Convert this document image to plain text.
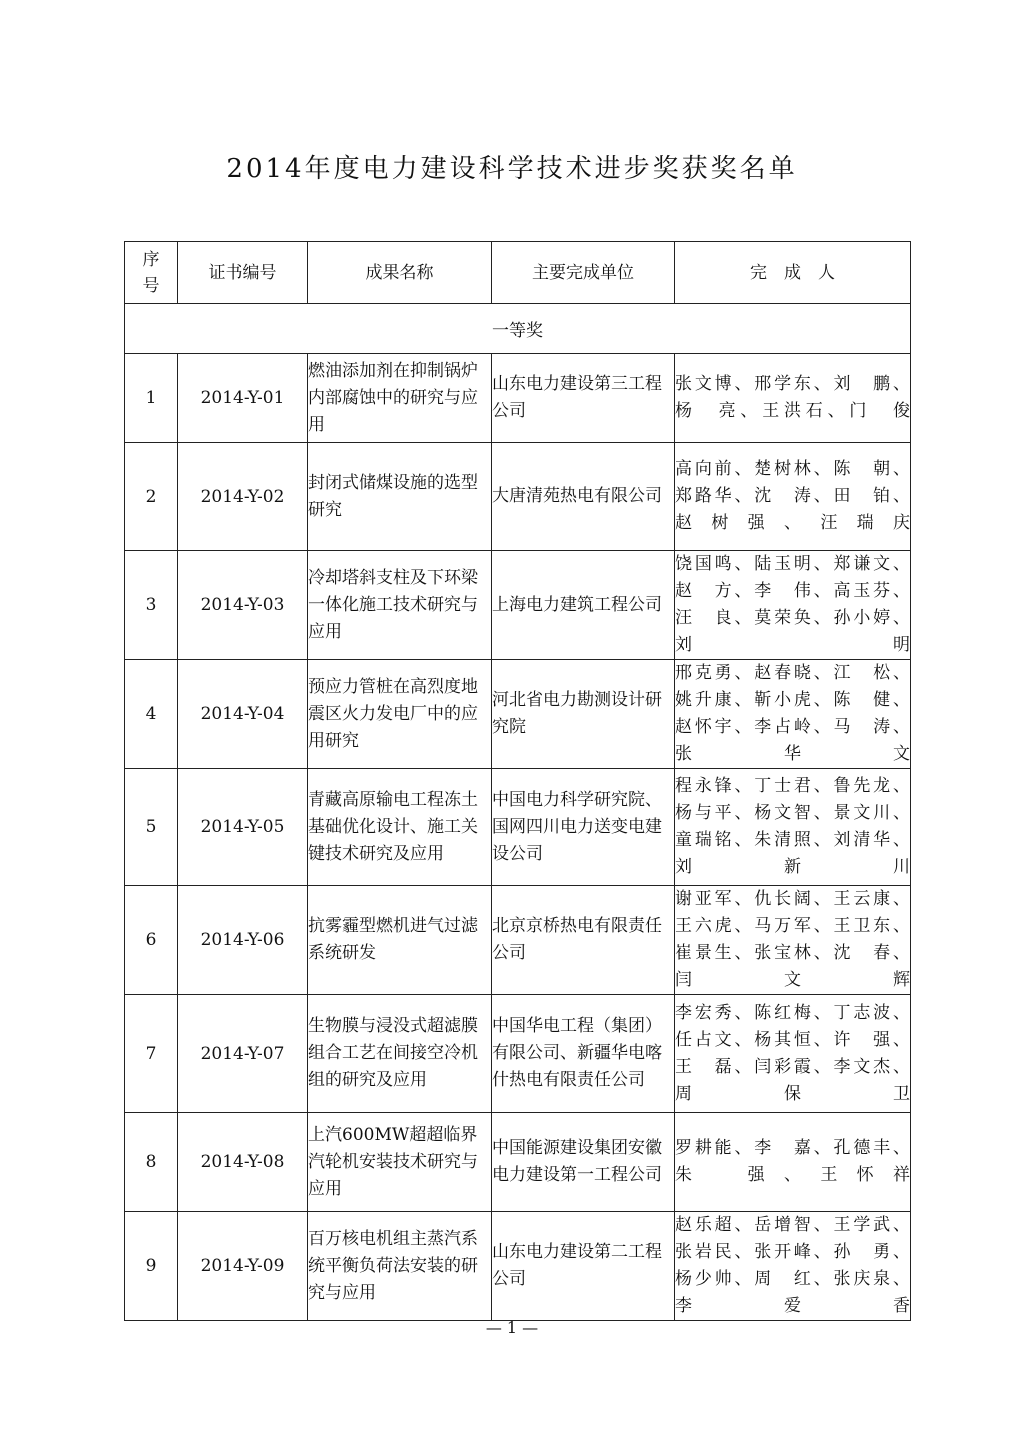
2014年度电力建设科学技术进步奖获奖名单
序号	证书编号	成果名称	主要完成单位	完　成　人
一等奖				
1	2014-Y-01	燃油添加剂在抑制锅炉内部腐蚀中的研究与应用	山东电力建设第三工程公司	张文博、邢学东、刘　鹏、
杨　亮、王洪石、门　俊

2	2014-Y-02	封闭式储煤设施的选型研究	大唐清苑热电有限公司	高向前、楚树林、陈　朝、
郑路华、沈　涛、田　铂、
赵树强、汪瑞庆

3	2014-Y-03	冷却塔斜支柱及下环梁一体化施工技术研究与应用	上海电力建筑工程公司	饶国鸣、陆玉明、郑谦文、
赵　方、李　伟、高玉芬、
汪　良、莫荣奂、孙小婷、
刘　明

4	2014-Y-04	预应力管桩在高烈度地震区火力发电厂中的应用研究	河北省电力勘测设计研究院	邢克勇、赵春晓、江　松、
姚升康、靳小虎、陈　健、
赵怀宇、李占岭、马　涛、
张华文

5	2014-Y-05	青藏高原输电工程冻土基础优化设计、施工关键技术研究及应用	中国电力科学研究院、国网四川电力送变电建设公司	程永锋、丁士君、鲁先龙、
杨与平、杨文智、景文川、
童瑞铭、朱清照、刘清华、
刘新川

6	2014-Y-06	抗雾霾型燃机进气过滤系统研发	北京京桥热电有限责任公司	谢亚军、仇长阔、王云康、
王六虎、马万军、王卫东、
崔景生、张宝林、沈　春、
闫文辉

7	2014-Y-07	生物膜与浸没式超滤膜组合工艺在间接空冷机组的研究及应用	中国华电工程（集团）有限公司、新疆华电喀什热电有限责任公司	李宏秀、陈红梅、丁志波、
任占文、杨其恒、许　强、
王　磊、闫彩霞、李文杰、
周保卫

8	2014-Y-08	上汽600MW超超临界汽轮机安装技术研究与应用	中国能源建设集团安徽电力建设第一工程公司	罗耕能、李　嘉、孔德丰、
朱　强、王怀祥

9	2014-Y-09	百万核电机组主蒸汽系统平衡负荷法安装的研究与应用	山东电力建设第二工程公司	赵乐超、岳增智、王学武、
张岩民、张开峰、孙　勇、
杨少帅、周　红、张庆泉、
李爱香
— 1 —
